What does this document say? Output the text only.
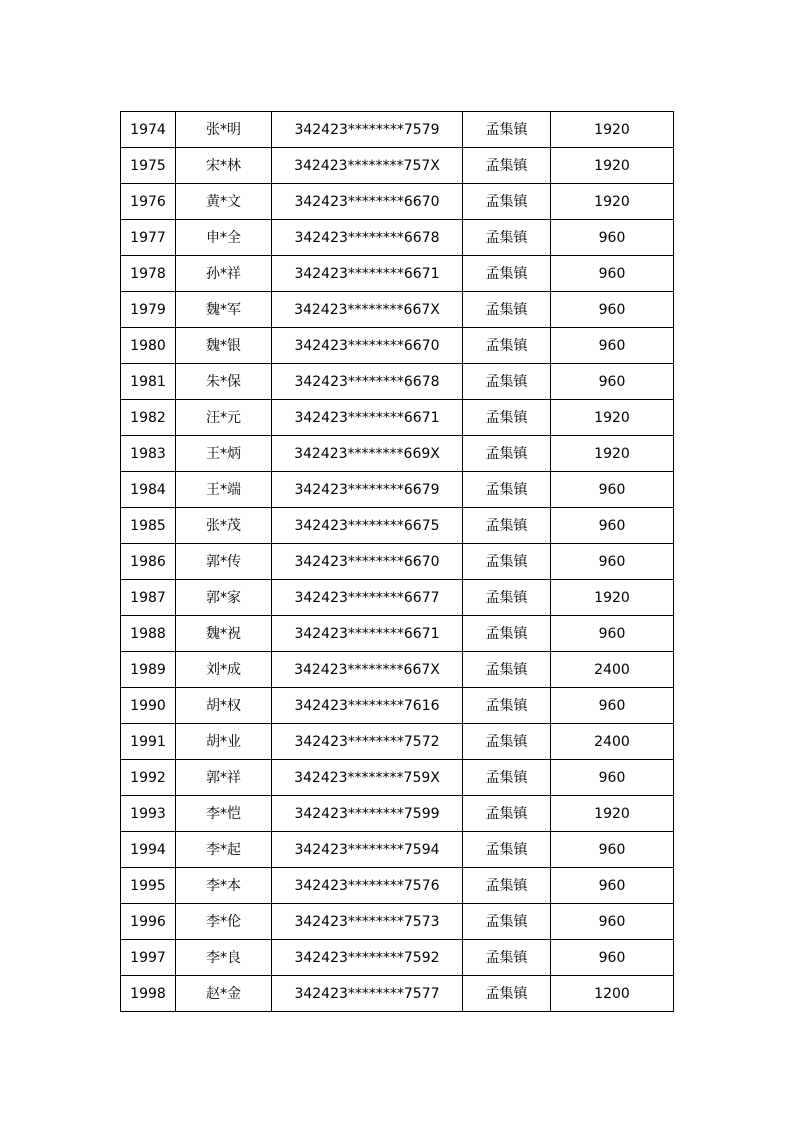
1974	张*明	342423********7579	孟集镇	1920
1975	宋*林	342423********757X	孟集镇	1920
1976	黄*文	342423********6670	孟集镇	1920
1977	申*全	342423********6678	孟集镇	960
1978	孙*祥	342423********6671	孟集镇	960
1979	魏*军	342423********667X	孟集镇	960
1980	魏*银	342423********6670	孟集镇	960
1981	朱*保	342423********6678	孟集镇	960
1982	汪*元	342423********6671	孟集镇	1920
1983	王*炳	342423********669X	孟集镇	1920
1984	王*端	342423********6679	孟集镇	960
1985	张*茂	342423********6675	孟集镇	960
1986	郭*传	342423********6670	孟集镇	960
1987	郭*家	342423********6677	孟集镇	1920
1988	魏*祝	342423********6671	孟集镇	960
1989	刘*成	342423********667X	孟集镇	2400
1990	胡*权	342423********7616	孟集镇	960
1991	胡*业	342423********7572	孟集镇	2400
1992	郭*祥	342423********759X	孟集镇	960
1993	李*恺	342423********7599	孟集镇	1920
1994	李*起	342423********7594	孟集镇	960
1995	李*本	342423********7576	孟集镇	960
1996	李*伦	342423********7573	孟集镇	960
1997	李*良	342423********7592	孟集镇	960
1998	赵*金	342423********7577	孟集镇	1200
